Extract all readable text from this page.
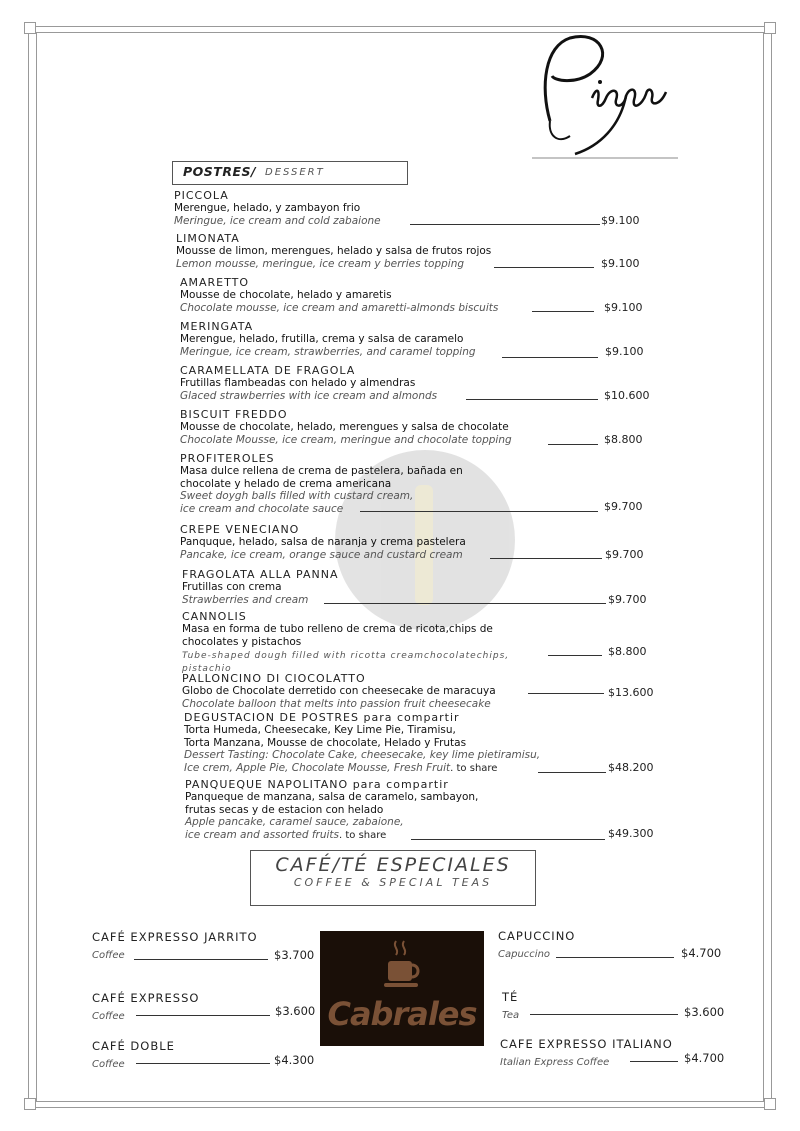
POSTRES/ DESSERT
PICCOLA
Merengue, helado, y zambayon frio
Meringue, ice cream and cold zabaione	$9.100
LIMONATA
Mousse de limon, merengues, helado y salsa de frutos rojos
Lemon mousse, meringue, ice cream y berries topping	$9.100
AMARETTO
Mousse de chocolate, helado y amaretis
Chocolate mousse, ice cream and amaretti-almonds biscuits	$9.100
MERINGATA
Merengue, helado, frutilla, crema y salsa de caramelo
Meringue, ice cream, strawberries, and caramel topping	$9.100
CARAMELLATA DE FRAGOLA
Frutillas flambeadas con helado y almendras
Glaced strawberries with ice cream and almonds	$10.600
BISCUIT FREDDO
Mousse de chocolate, helado, merengues y salsa de chocolate
Chocolate Mousse, ice cream, meringue and chocolate topping	$8.800
PROFITEROLES
Masa dulce rellena de crema de pastelera, bañada en
chocolate y helado de crema americana
Sweet doygh balls filled with custard cream,
ice cream and chocolate sauce	$9.700
CREPE VENECIANO
Panquque, helado, salsa de naranja y crema pastelera
Pancake, ice cream, orange sauce and custard cream	$9.700
FRAGOLATA ALLA PANNA
Frutillas con crema
Strawberries and cream	$9.700
CANNOLIS
Masa en forma de tubo relleno de crema de ricota,chips de
chocolates y pistachos
Tube-shaped dough filled with ricotta creamchocolatechips,
pistachio
$8.800
PALLONCINO DI CIOCOLATTO
Globo de Chocolate derretido con cheesecake de maracuya
Chocolate balloon that melts into passion fruit cheesecake
$13.600
DEGUSTACION DE POSTRES para compartir
Torta Humeda, Cheesecake, Key Lime Pie, Tiramisu,
Torta Manzana, Mousse de chocolate, Helado y Frutas
Dessert Tasting: Chocolate Cake, cheesecake, key lime pietiramisu,
Ice crem, Apple Pie, Chocolate Mousse, Fresh Fruit. to share	$48.200
PANQUEQUE NAPOLITANO para compartir
Panqueque de manzana, salsa de caramelo, sambayon,
frutas secas y de estacion con helado
Apple pancake, caramel sauce, zabaione,
ice cream and assorted fruits. to share	$49.300
CAFÉ/TÉ ESPECIALES
COFFEE & SPECIAL TEAS
CAFÉ EXPRESSO JARRITO
Coffee	$3.700
CAFÉ EXPRESSO
Coffee	$3.600
CAFÉ DOBLE
Coffee	$4.300
Cabrales
CAPUCCINO
Capuccino	$4.700
TÉ
Tea	$3.600
CAFE EXPRESSO ITALIANO
Italian Express Coffee	$4.700
